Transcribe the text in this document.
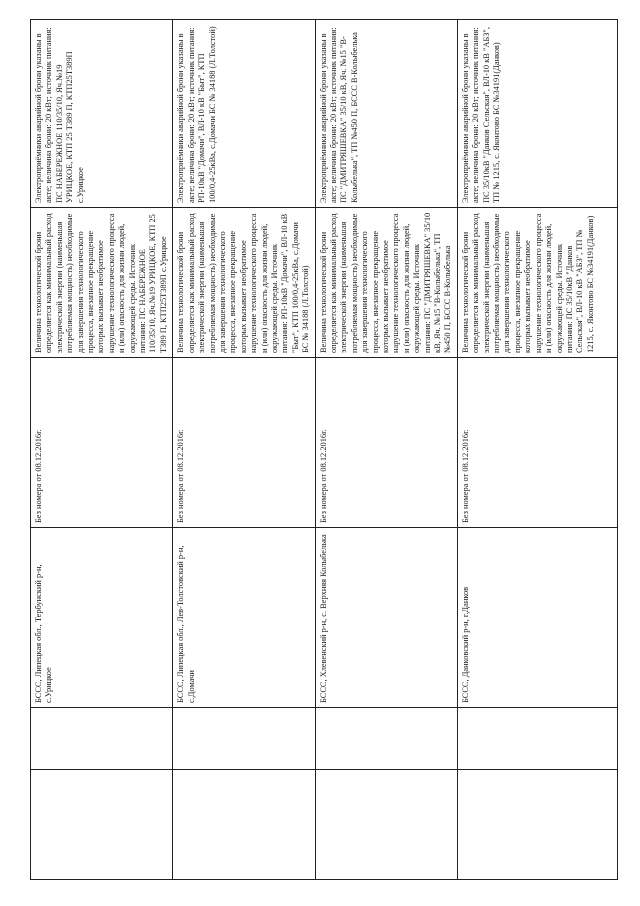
		БССС, Липецкая обл., Тербунский р-н, с.Урицкое	Без номера от 08.12.2016г.	Величина технологической брони определяется как минимальный расход электрической энергии (наименьшая потребляемая мощность) необходимые для завершения технологического процесса, внезапное прекращение которых вызывает необратимое нарушение технологического процесса и (или) опасность для жизни людей, окружающей среды. Источник питания: ПС НАБЕРЕЖНОЕ 110/35/10, Яч.№19 УРИЦКОЕ, КТП 25 Т389 П, КТП25Т389П с.Урицкое	Электроприёмники аварийной брони указаны в акте; величина брони: 20 кВт; источник питания: ПС НАБЕРЕЖНОЕ 110/35/10, Яч.№19 УРИЦКОЕ, КТП 25 Т389 П, КТП25Т389П с.Урицкое
		БССС, Липецкая обл., Лев-Толстовский р-н, с.Домачи	Без номера от 08.12.2016г.	Величина технологической брони определяется как минимальный расход электрической энергии (наименьшая потребляемая мощность) необходимые для завершения технологического процесса, внезапное прекращение которых вызывает необратимое нарушение технологического процесса и (или) опасность для жизни людей, окружающей среды. Источник питания: РП-10кВ "Домачи", ВЛ-10 кВ "Быт", КТП 100/0,4-25кВа, с.Домачи БС № 34188 (Л.Толстой)	Электроприёмники аварийной брони указаны в акте; величина брони: 20 кВт; источник питания: РП-10кВ "Домачи", ВЛ-10 кВ "Быт", КТП 100/0,4-25кВа, с.Домачи БС № 34188 (Л.Толстой)
		БССС, Хлевенский р-н, с. Верхняя Колыбелька	Без номера от 08.12.2016г.	Величина технологической брони определяется как минимальный расход электрической энергии (наименьшая потребляемая мощность) необходимые для завершения технологического процесса, внезапное прекращение которых вызывает необратимое нарушение технологического процесса и (или) опасность для жизни людей, окружающей среды. Источник питания: ПС "ДМИТРЯШЕВКА" 35/10 кВ, Яч. №15 "В-Колыбелька", ТП №450 П, БССС В-Колыбелька	Электроприёмники аварийной брони указаны в акте; величина брони: 20 кВт; источник питания: ПС "ДМИТРЯШЕВКА" 35/10 кВ, Яч. №15 "В-Колыбелька", ТП №450 П, БССС В-Колыбелька
		БССС, Данковский р-н, г.Данков	Без номера от 08.12.2016г.	Величина технологической брони определяется как минимальный расход электрической энергии (наименьшая потребляемая мощность) необходимые для завершения технологического процесса, внезапное прекращение которых вызывает необратимое нарушение технологического процесса и (или) опасность для жизни людей, окружающей среды. Источник питания: ПС 35/10кВ "Данков Сельская", ВЛ-10 кВ "АБЗ", ТП № 1215, с. Яконтово БС №34191(Данков)	Электроприёмники аварийной брони указаны в акте; величина брони: 20 кВт; источник питания: ПС 35/10кВ "Данков Сельская", ВЛ-10 кВ "АБЗ", ТП № 1215, с. Яконтово БС №34191(Данков)
